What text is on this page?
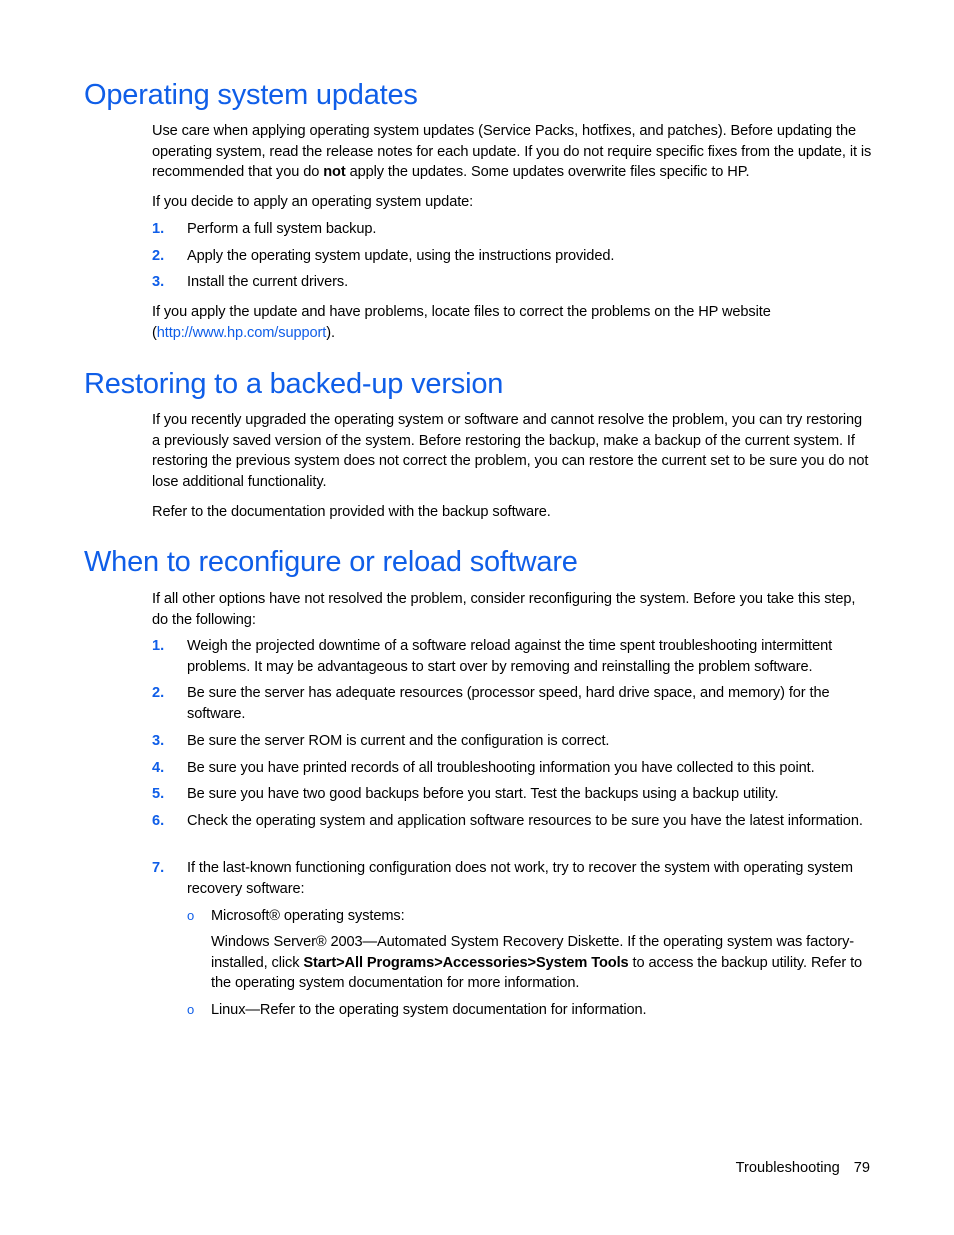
Operating system updates

Use care when applying operating system updates (Service Packs, hotfixes, and patches). Before updating the operating system, read the release notes for each update. If you do not require specific fixes from the update, it is recommended that you do not apply the updates. Some updates overwrite files specific to HP.

If you decide to apply an operating system update:

1. Perform a full system backup.

2. Apply the operating system update, using the instructions provided.

3. Install the current drivers.

If you apply the update and have problems, locate files to correct the problems on the HP website (http://www.hp.com/support).

Restoring to a backed-up version

If you recently upgraded the operating system or software and cannot resolve the problem, you can try restoring a previously saved version of the system. Before restoring the backup, make a backup of the current system. If restoring the previous system does not correct the problem, you can restore the current set to be sure you do not lose additional functionality.

Refer to the documentation provided with the backup software.

When to reconfigure or reload software

If all other options have not resolved the problem, consider reconfiguring the system. Before you take this step, do the following:

1. Weigh the projected downtime of a software reload against the time spent troubleshooting intermittent problems. It may be advantageous to start over by removing and reinstalling the problem software.

2. Be sure the server has adequate resources (processor speed, hard drive space, and memory) for the software.

3. Be sure the server ROM is current and the configuration is correct.

4. Be sure you have printed records of all troubleshooting information you have collected to this point.

5. Be sure you have two good backups before you start. Test the backups using a backup utility.

6. Check the operating system and application software resources to be sure you have the latest information.

7. If the last-known functioning configuration does not work, try to recover the system with operating system recovery software:

o Microsoft® operating systems:

Windows Server® 2003—Automated System Recovery Diskette. If the operating system was factory-installed, click Start>All Programs>Accessories>System Tools to access the backup utility. Refer to the operating system documentation for more information.

o Linux—Refer to the operating system documentation for information.

Troubleshooting 79
